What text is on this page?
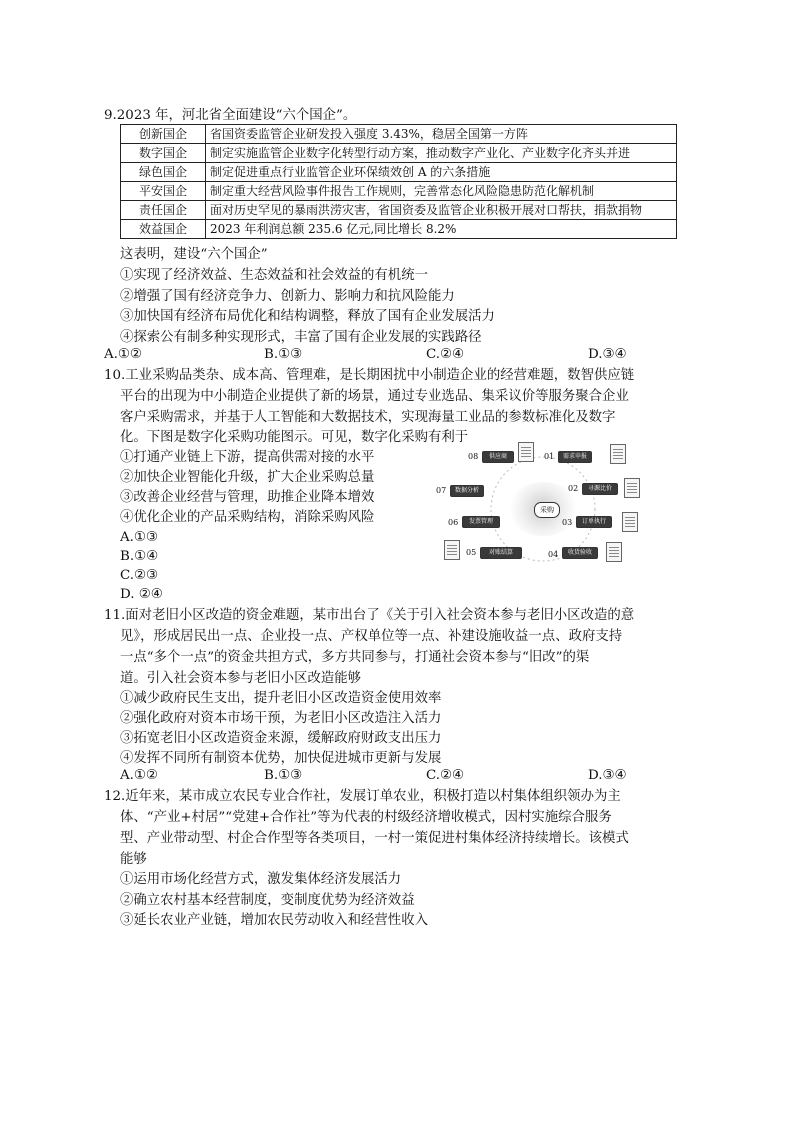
9.2023 年，河北省全面建设“六个国企”。
创新国企	省国资委监管企业研发投入强度 3.43%，稳居全国第一方阵
数字国企	制定实施监管企业数字化转型行动方案，推动数字产业化、产业数字化齐头并进
绿色国企	制定促进重点行业监管企业环保绩效创 A 的六条措施
平安国企	制定重大经营风险事件报告工作规则，完善常态化风险隐患防范化解机制
责任国企	面对历史罕见的暴雨洪涝灾害，省国资委及监管企业积极开展对口帮扶，捐款捐物
效益国企	2023 年利润总额 235.6 亿元,同比增长 8.2%
这表明，建设“六个国企”
①实现了经济效益、生态效益和社会效益的有机统一
②增强了国有经济竞争力、创新力、影响力和抗风险能力
③加快国有经济布局优化和结构调整，释放了国有企业发展活力
④探索公有制多种实现形式，丰富了国有企业发展的实践路径
A.①②	B.①③	C.②④	D.③④
10.工业采购品类杂、成本高、管理难，是长期困扰中小制造企业的经营难题，数智供应链
平台的出现为中小制造企业提供了新的场景，通过专业选品、集采议价等服务聚合企业
客户采购需求，并基于人工智能和大数据技术，实现海量工业品的参数标准化及数字
化。下图是数字化采购功能图示。可见，数字化采购有利于
①打通产业链上下游，提高供需对接的水平
②加快企业智能化升级，扩大企业采购总量
③改善企业经营与管理，助推企业降本增效
④优化企业的产品采购结构，消除采购风险
A.①③
B.①④
C.②③
D. ②④
采购
08	供应商	01	需求申报
07	数据分析	02	寻源比价
06	发票管理	03	订单执行
05	对账结算	04	收货验收
11.面对老旧小区改造的资金难题，某市出台了《关于引入社会资本参与老旧小区改造的意
见》，形成居民出一点、企业投一点、产权单位等一点、补建设施收益一点、政府支持
一点“多个一点”的资金共担方式，多方共同参与，打通社会资本参与“旧改”的渠
道。引入社会资本参与老旧小区改造能够
①减少政府民生支出，提升老旧小区改造资金使用效率
②强化政府对资本市场干预，为老旧小区改造注入活力
③拓宽老旧小区改造资金来源，缓解政府财政支出压力
④发挥不同所有制资本优势，加快促进城市更新与发展
A.①②	B.①③	C.②④	D.③④
12.近年来，某市成立农民专业合作社，发展订单农业，积极打造以村集体组织领办为主
体、“产业+村居”“党建+合作社”等为代表的村级经济增收模式，因村实施综合服务
型、产业带动型、村企合作型等各类项目，一村一策促进村集体经济持续增长。该模式
能够
①运用市场化经营方式，激发集体经济发展活力
②确立农村基本经营制度，变制度优势为经济效益
③延长农业产业链，增加农民劳动收入和经营性收入
